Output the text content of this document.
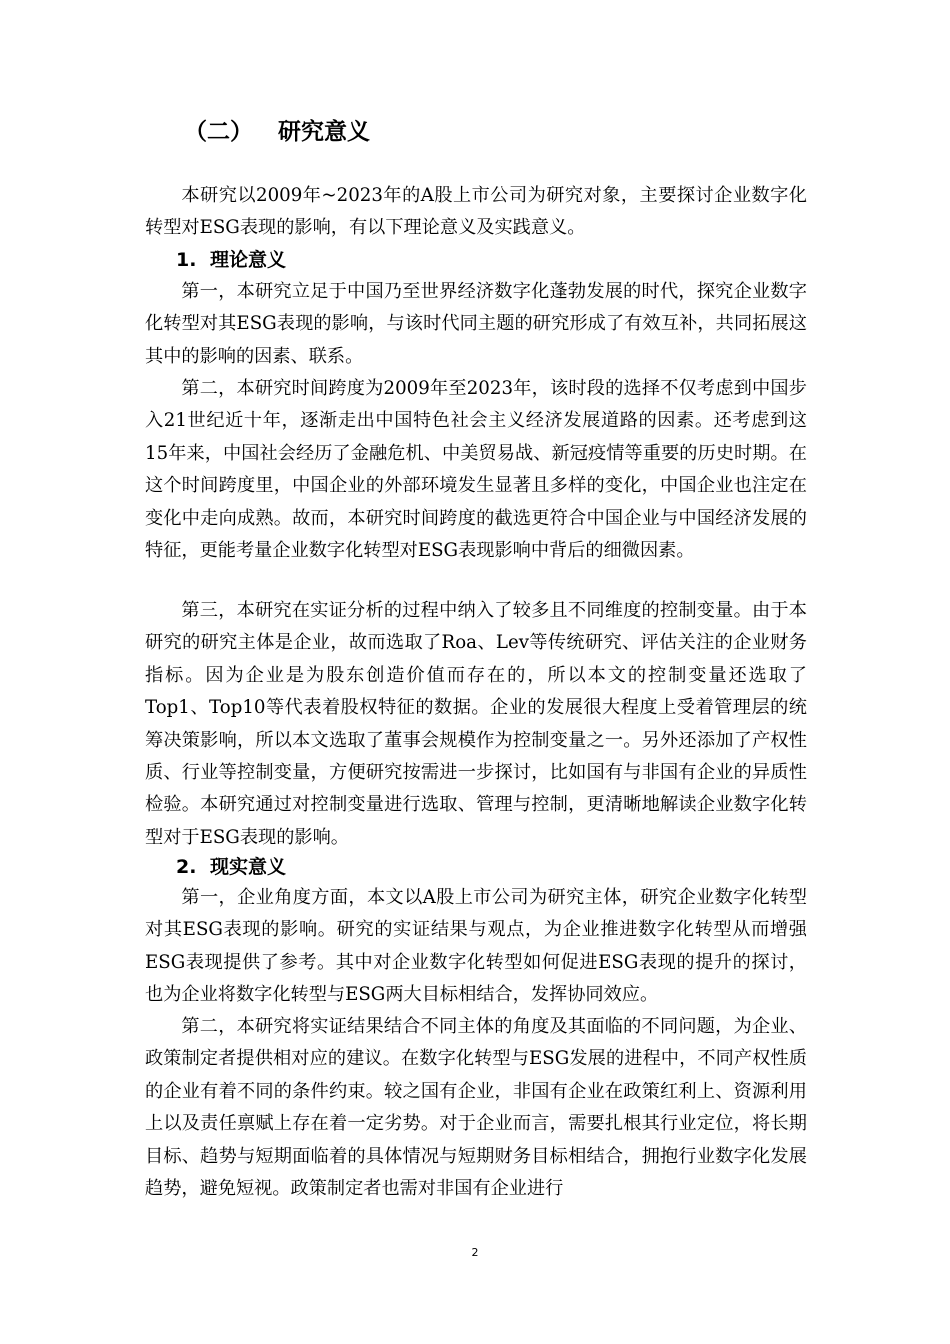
（二） 研究意义

本研究以2009年~2023年的A股上市公司为研究对象，主要探讨企业数字化转型对ESG表现的影响，有以下理论意义及实践意义。

1. 理论意义

第一，本研究立足于中国乃至世界经济数字化蓬勃发展的时代，探究企业数字化转型对其ESG表现的影响，与该时代同主题的研究形成了有效互补，共同拓展这其中的影响的因素、联系。

第二，本研究时间跨度为2009年至2023年，该时段的选择不仅考虑到中国步入21世纪近十年，逐渐走出中国特色社会主义经济发展道路的因素。还考虑到这15年来，中国社会经历了金融危机、中美贸易战、新冠疫情等重要的历史时期。在这个时间跨度里，中国企业的外部环境发生显著且多样的变化，中国企业也注定在变化中走向成熟。故而，本研究时间跨度的截选更符合中国企业与中国经济发展的特征，更能考量企业数字化转型对ESG表现影响中背后的细微因素。

第三，本研究在实证分析的过程中纳入了较多且不同维度的控制变量。由于本研究的研究主体是企业，故而选取了Roa、Lev等传统研究、评估关注的企业财务指标。因为企业是为股东创造价值而存在的，所以本文的控制变量还选取了Top1、Top10等代表着股权特征的数据。企业的发展很大程度上受着管理层的统筹决策影响，所以本文选取了董事会规模作为控制变量之一。另外还添加了产权性质、行业等控制变量，方便研究按需进一步探讨，比如国有与非国有企业的异质性检验。本研究通过对控制变量进行选取、管理与控制，更清晰地解读企业数字化转型对于ESG表现的影响。

2. 现实意义

第一，企业角度方面，本文以A股上市公司为研究主体，研究企业数字化转型对其ESG表现的影响。研究的实证结果与观点，为企业推进数字化转型从而增强ESG表现提供了参考。其中对企业数字化转型如何促进ESG表现的提升的探讨，也为企业将数字化转型与ESG两大目标相结合，发挥协同效应。

第二，本研究将实证结果结合不同主体的角度及其面临的不同问题，为企业、政策制定者提供相对应的建议。在数字化转型与ESG发展的进程中，不同产权性质的企业有着不同的条件约束。较之国有企业，非国有企业在政策红利上、资源利用上以及责任禀赋上存在着一定劣势。对于企业而言，需要扎根其行业定位，将长期目标、趋势与短期面临着的具体情况与短期财务目标相结合，拥抱行业数字化发展趋势，避免短视。政策制定者也需对非国有企业进行

2
